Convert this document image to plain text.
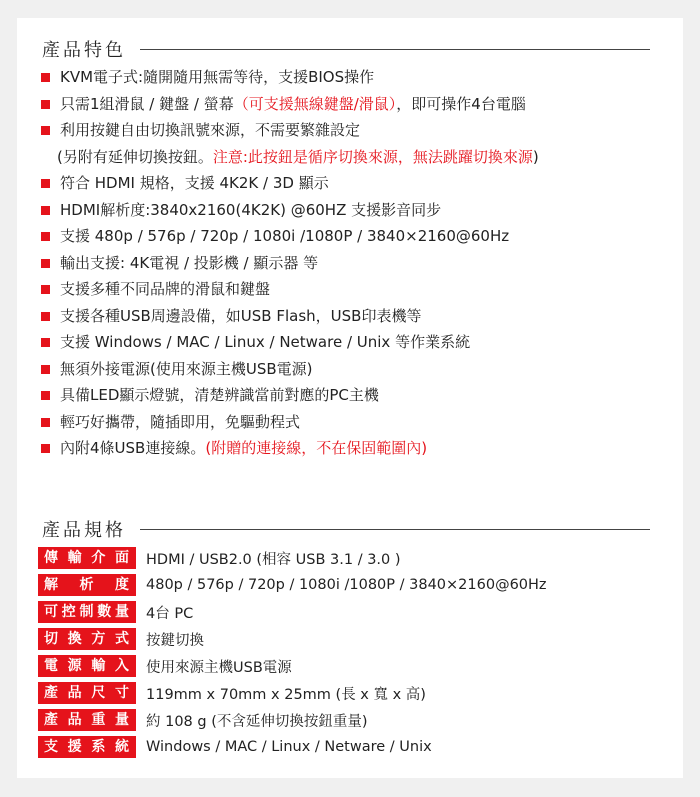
產品特色
KVM電子式:隨開隨用無需等待，支援BIOS操作
只需1組滑鼠 / 鍵盤 / 螢幕（可支援無線鍵盤/滑鼠），即可操作4台電腦
利用按鍵自由切換訊號來源，不需要繁雜設定
(另附有延伸切換按鈕。注意:此按鈕是循序切換來源，無法跳躍切換來源)
符合 HDMI 規格，支援 4K2K / 3D 顯示
HDMI解析度:3840x2160(4K2K) @60HZ 支援影音同步
支援 480p / 576p / 720p / 1080i /1080P / 3840×2160@60Hz
輸出支援: 4K電視 / 投影機 / 顯示器 等
支援多種不同品牌的滑鼠和鍵盤
支援各種USB周邊設備，如USB Flash，USB印表機等
支援 Windows / MAC / Linux / Netware / Unix 等作業系統
無須外接電源(使用來源主機USB電源)
具備LED顯示燈號，清楚辨識當前對應的PC主機
輕巧好攜帶，隨插即用，免驅動程式
內附4條USB連接線。(附贈的連接線，不在保固範圍內)
產品規格
傳輸介面	HDMI / USB2.0 (相容 USB 3.1 / 3.0 )
解析度	480p / 576p / 720p / 1080i /1080P / 3840×2160@60Hz
可控制數量	4台 PC
切換方式	按鍵切換
電源輸入	使用來源主機USB電源
產品尺寸	119mm x 70mm x 25mm (長 x 寬 x 高)
產品重量	約 108 g (不含延伸切換按鈕重量)
支援系統	Windows / MAC / Linux / Netware / Unix
